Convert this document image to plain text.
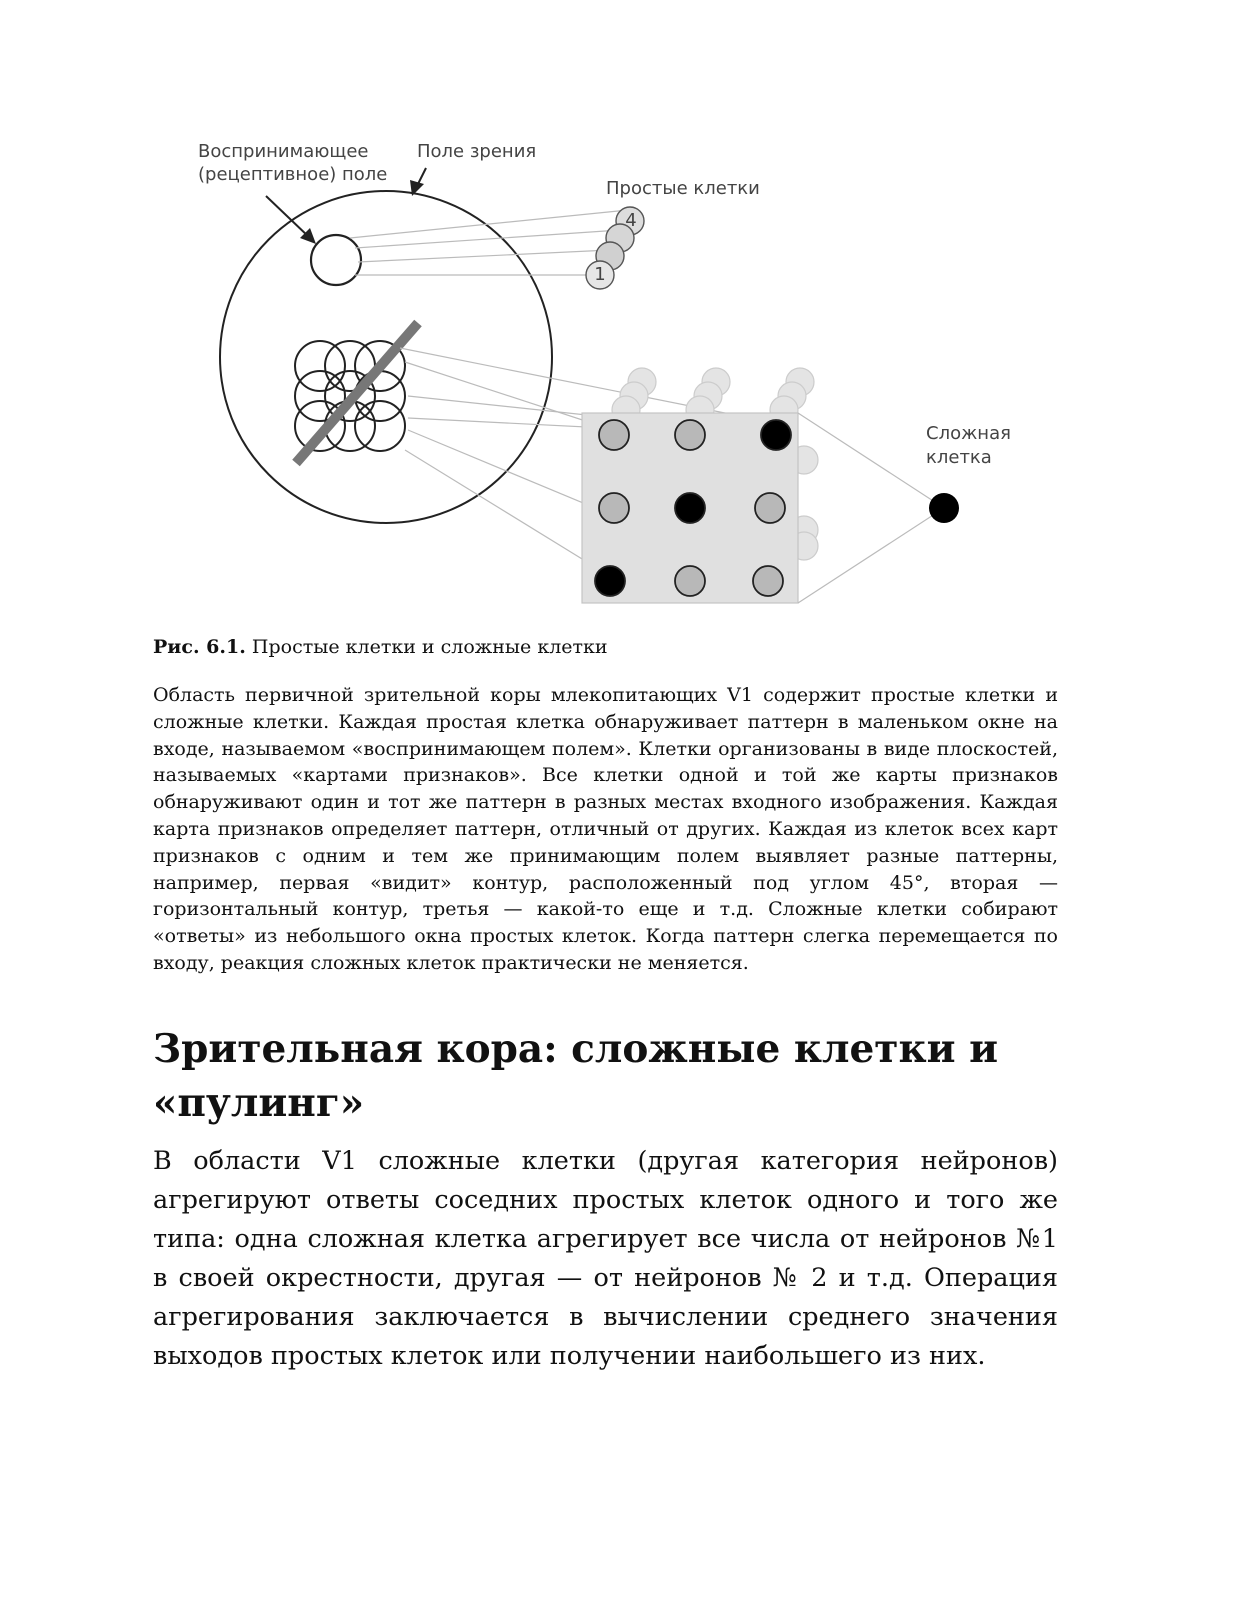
4
1
Воспринимающее
(рецептивное) поле
Поле зрения
Простые клетки
Сложная
клетка
Рис. 6.1. Простые клетки и сложные клетки
Область первичной зрительной коры млекопитающих V1 содержит простые клетки и сложные клетки. Каждая простая клетка обнаруживает паттерн в маленьком окне на входе, называемом «воспринимающем полем». Клетки организованы в виде плоскостей, называемых «картами признаков». Все клетки одной и той же карты признаков обнаруживают один и тот же паттерн в разных местах входного изображения. Каждая карта признаков определяет паттерн, отличный от других. Каждая из клеток всех карт признаков с одним и тем же принимающим полем выявляет разные паттерны, например, первая «видит» контур, расположенный под углом 45°, вторая — горизонтальный контур, третья — какой-то еще и т.д. Сложные клетки собирают «ответы» из небольшого окна простых клеток. Когда паттерн слегка перемещается по входу, реакция сложных клеток практически не меняется.
Зрительная кора: сложные клетки и «пулинг»
В области V1 сложные клетки (другая категория нейронов) агрегируют ответы соседних простых клеток одного и того же типа: одна сложная клетка агрегирует все числа от нейронов №1 в своей окрестности, другая — от нейронов № 2 и т.д. Операция агрегирования заключается в вычислении среднего значения выходов простых клеток или получении наибольшего из них.
